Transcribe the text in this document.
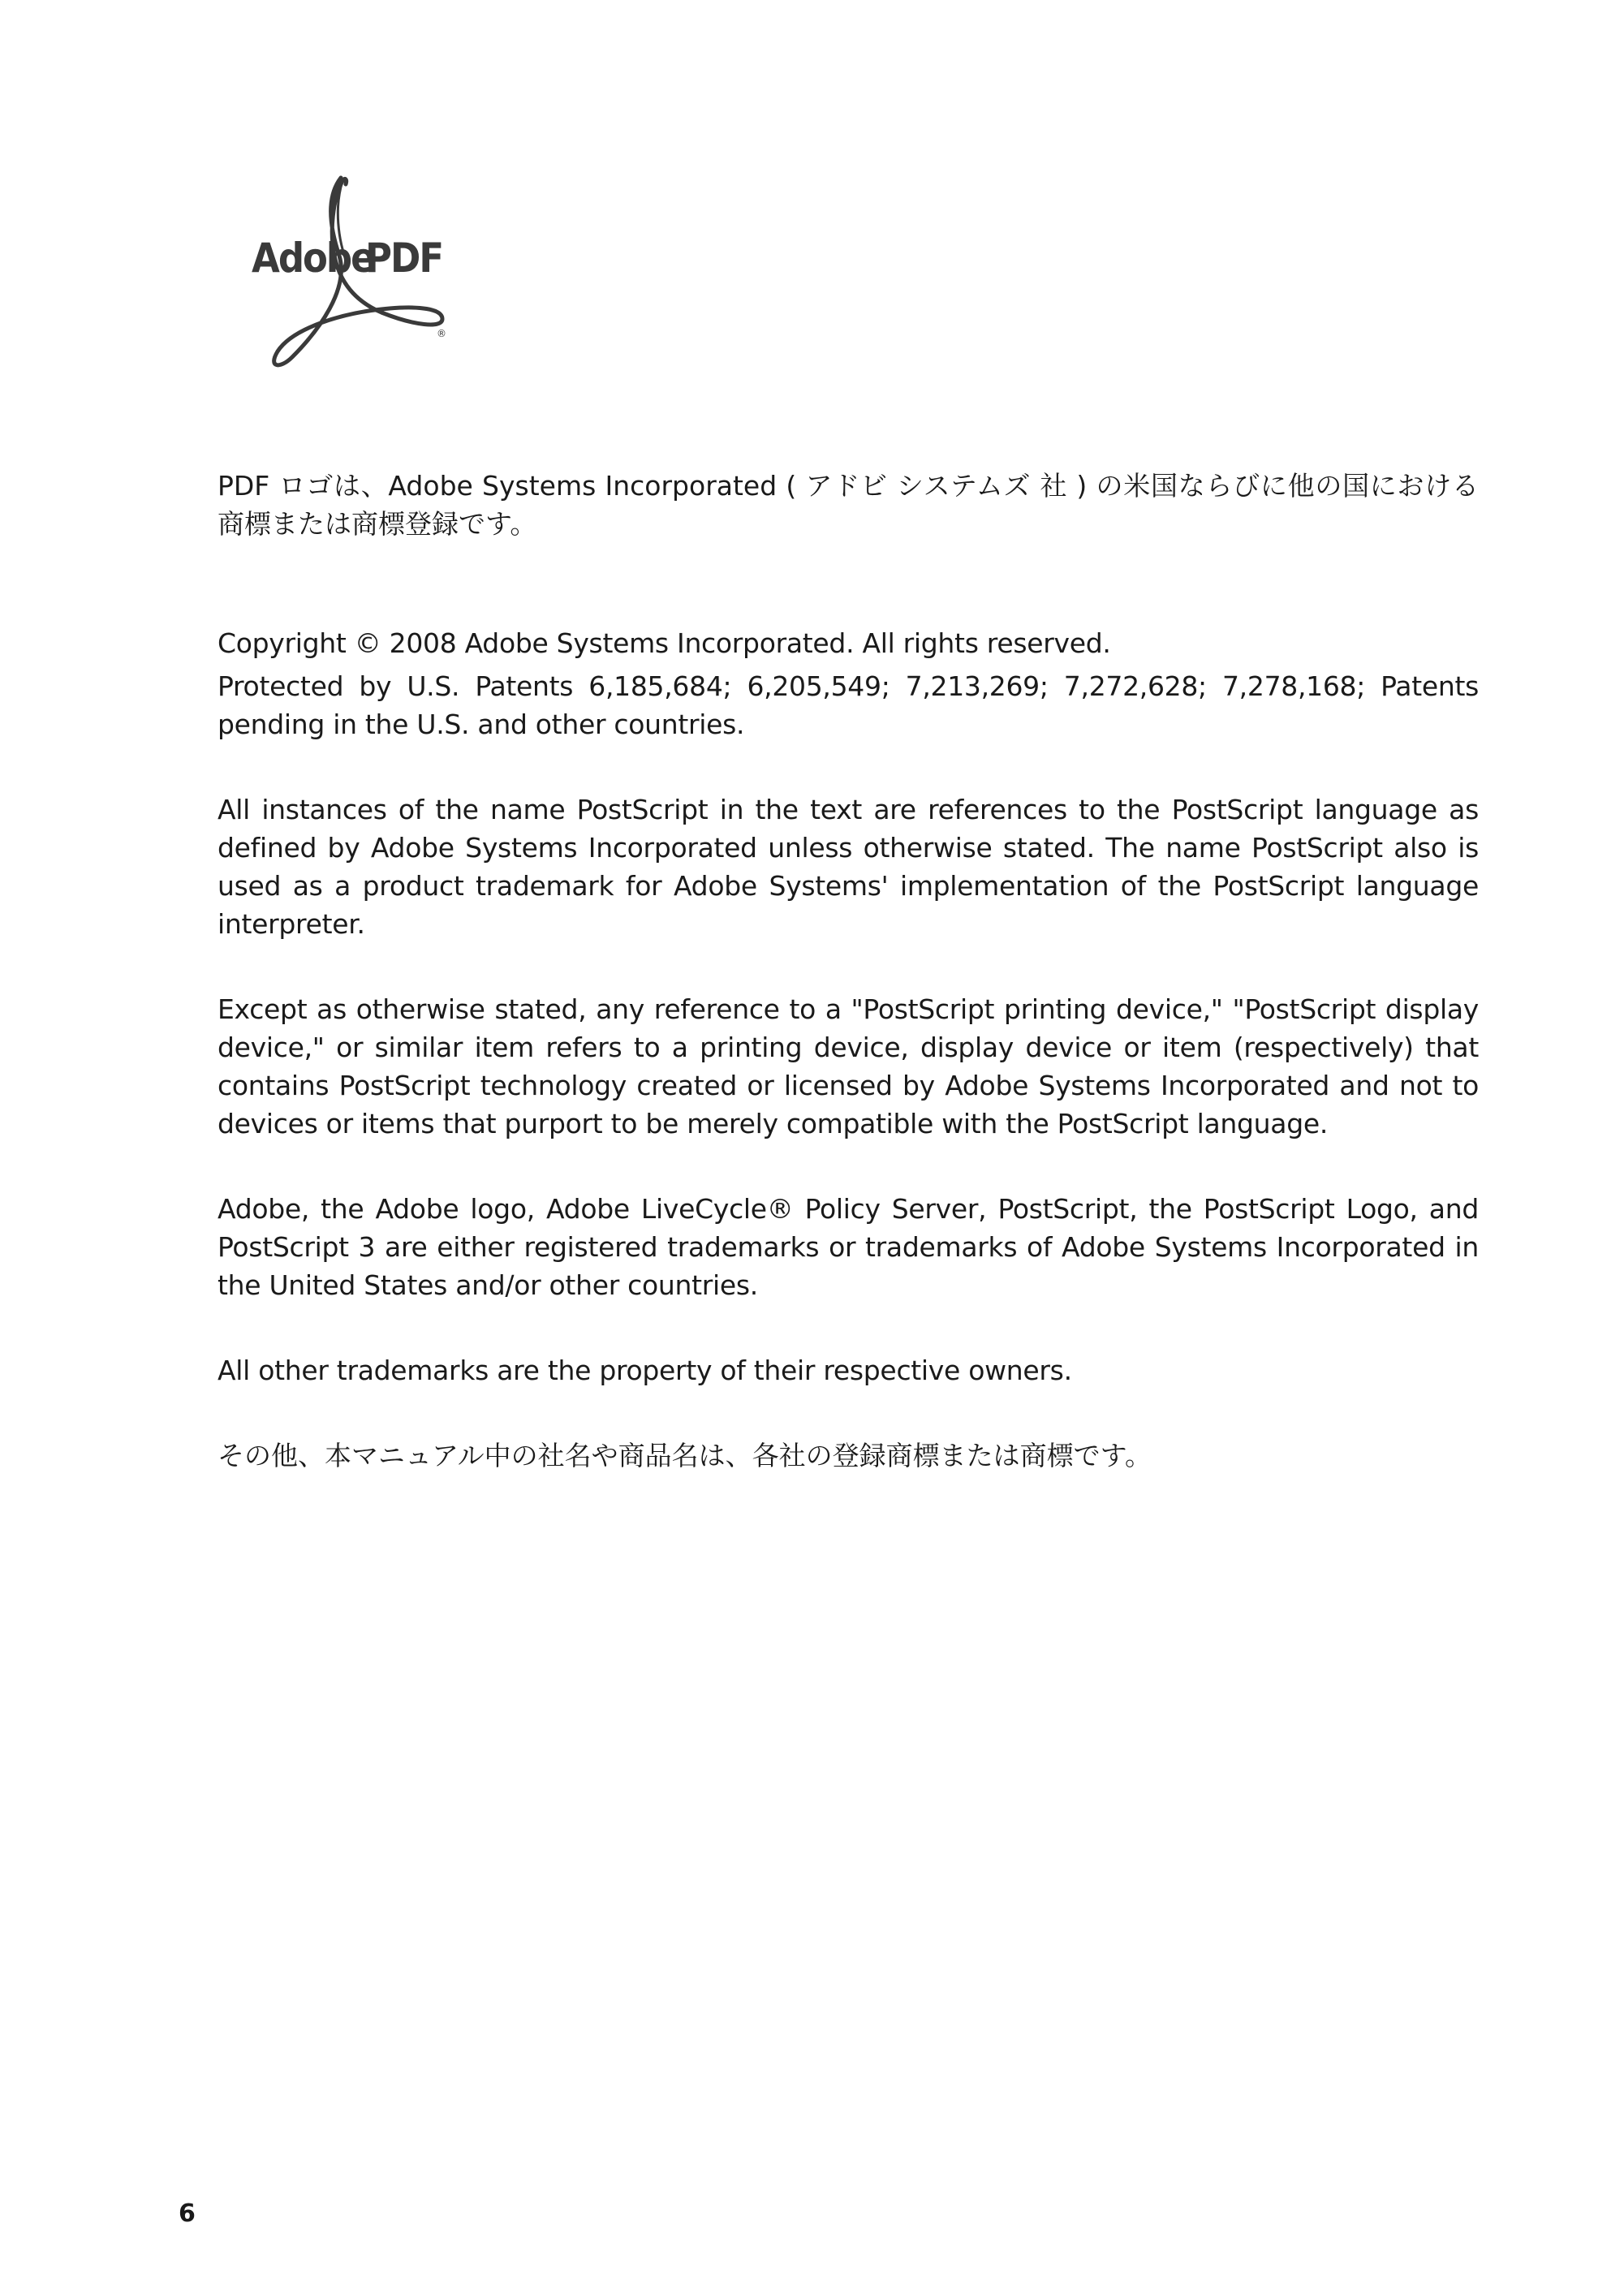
Adobe
PDF
®

PDF ロゴは、Adobe Systems Incorporated ( アドビ システムズ 社 ) の米国ならびに他の国における商標または商標登録です。

Copyright © 2008 Adobe Systems Incorporated. All rights reserved.

Protected by U.S. Patents 6,185,684; 6,205,549; 7,213,269; 7,272,628; 7,278,168; Patents pending in the U.S. and other countries.

All instances of the name PostScript in the text are references to the PostScript language as defined by Adobe Systems Incorporated unless otherwise stated. The name PostScript also is used as a product trademark for Adobe Systems' implementation of the PostScript language interpreter.

Except as otherwise stated, any reference to a "PostScript printing device," "PostScript display device," or similar item refers to a printing device, display device or item (respectively) that contains PostScript technology created or licensed by Adobe Systems Incorporated and not to devices or items that purport to be merely compatible with the PostScript language.

Adobe, the Adobe logo, Adobe LiveCycle® Policy Server, PostScript, the PostScript Logo, and PostScript 3 are either registered trademarks or trademarks of Adobe Systems Incorporated in the United States and/or other countries.

All other trademarks are the property of their respective owners.

その他、本マニュアル中の社名や商品名は、各社の登録商標または商標です。

6
